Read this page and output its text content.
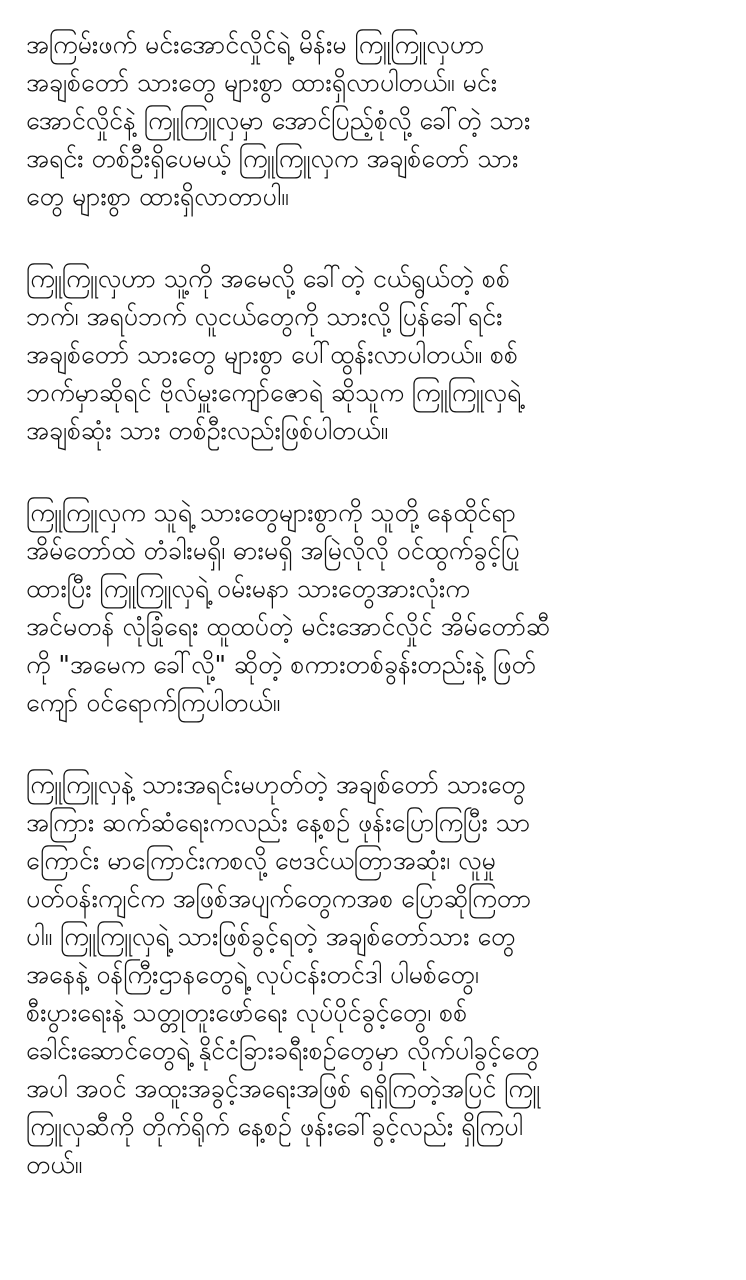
အကြမ်းဖက် မင်းအောင်လှိုင်ရဲ့ မိန်းမ ကြူကြူလှဟာ
အချစ်တော် သားတွေ များစွာ ထားရှိလာပါတယ်။ မင်း
အောင်လှိုင်နဲ့ ကြူကြူလှမှာ အောင်ပြည့်စုံလို့ ခေါ်တဲ့ သား
အရင်း တစ်ဦးရှိပေမယ့် ကြူကြူလှက အချစ်တော် သား
တွေ များစွာ ထားရှိလာတာပါ။
ကြူကြူလှဟာ သူ့ကို အမေလို့ ခေါ်တဲ့ ငယ်ရွယ်တဲ့ စစ်
ဘက်၊ အရပ်ဘက် လူငယ်တွေကို သားလို့ ပြန်ခေါ်ရင်း
အချစ်တော် သားတွေ များစွာ ပေါ်ထွန်းလာပါတယ်။ စစ်
ဘက်မှာဆိုရင် ဗိုလ်မှူးကျော်ဇောရဲ ဆိုသူက ကြူကြူလှရဲ့
အချစ်ဆုံး သား တစ်ဦးလည်းဖြစ်ပါတယ်။
ကြူကြူလှက သူရဲ့ သားတွေများစွာကို သူတို့ နေထိုင်ရာ
အိမ်တော်ထဲ တံခါးမရှိ၊ ဓားမရှိ အမြဲလိုလို ဝင်ထွက်ခွင့်ပြု
ထားပြီး ကြူကြူလှရဲ့ ဝမ်းမနာ သားတွေအားလုံးက
အင်မတန် လုံခြုံရေး ထူထပ်တဲ့ မင်းအောင်လှိုင် အိမ်တော်ဆီ
ကို "အမေက ခေါ်လို့" ဆိုတဲ့ စကားတစ်ခွန်းတည်းနဲ့ ဖြတ်
ကျော် ဝင်ရောက်ကြပါတယ်။
ကြူကြူလှနဲ့ သားအရင်းမဟုတ်တဲ့ အချစ်တော် သားတွေ
အကြား ဆက်ဆံရေးကလည်း နေ့စဉ် ဖုန်းပြောကြပြီး သာ
ကြောင်း မာကြောင်းကစလို့ ဗေဒင်ယတြာအဆုံး၊ လူမှု
ပတ်ဝန်းကျင်က အဖြစ်အပျက်တွေကအစ ပြောဆိုကြတာ
ပါ။ ကြူကြူလှရဲ့ သားဖြစ်ခွင့်ရတဲ့ အချစ်တော်သား တွေ
အနေနဲ့ ဝန်ကြီးဌာနတွေရဲ့ လုပ်ငန်းတင်ဒါ ပါမစ်တွေ၊
စီးပွားရေးနဲ့ သတ္တုတူးဖော်ရေး လုပ်ပိုင်ခွင့်တွေ၊ စစ်
ခေါင်းဆောင်တွေရဲ့ နိုင်ငံခြားခရီးစဉ်တွေမှာ လိုက်ပါခွင့်တွေ
အပါ အဝင် အထူးအခွင့်အရေးအဖြစ် ရရှိကြတဲ့အပြင် ကြူ
ကြူလှဆီကို တိုက်ရိုက် နေ့စဉ် ဖုန်းခေါ်ခွင့်လည်း ရှိကြပါ
တယ်။
